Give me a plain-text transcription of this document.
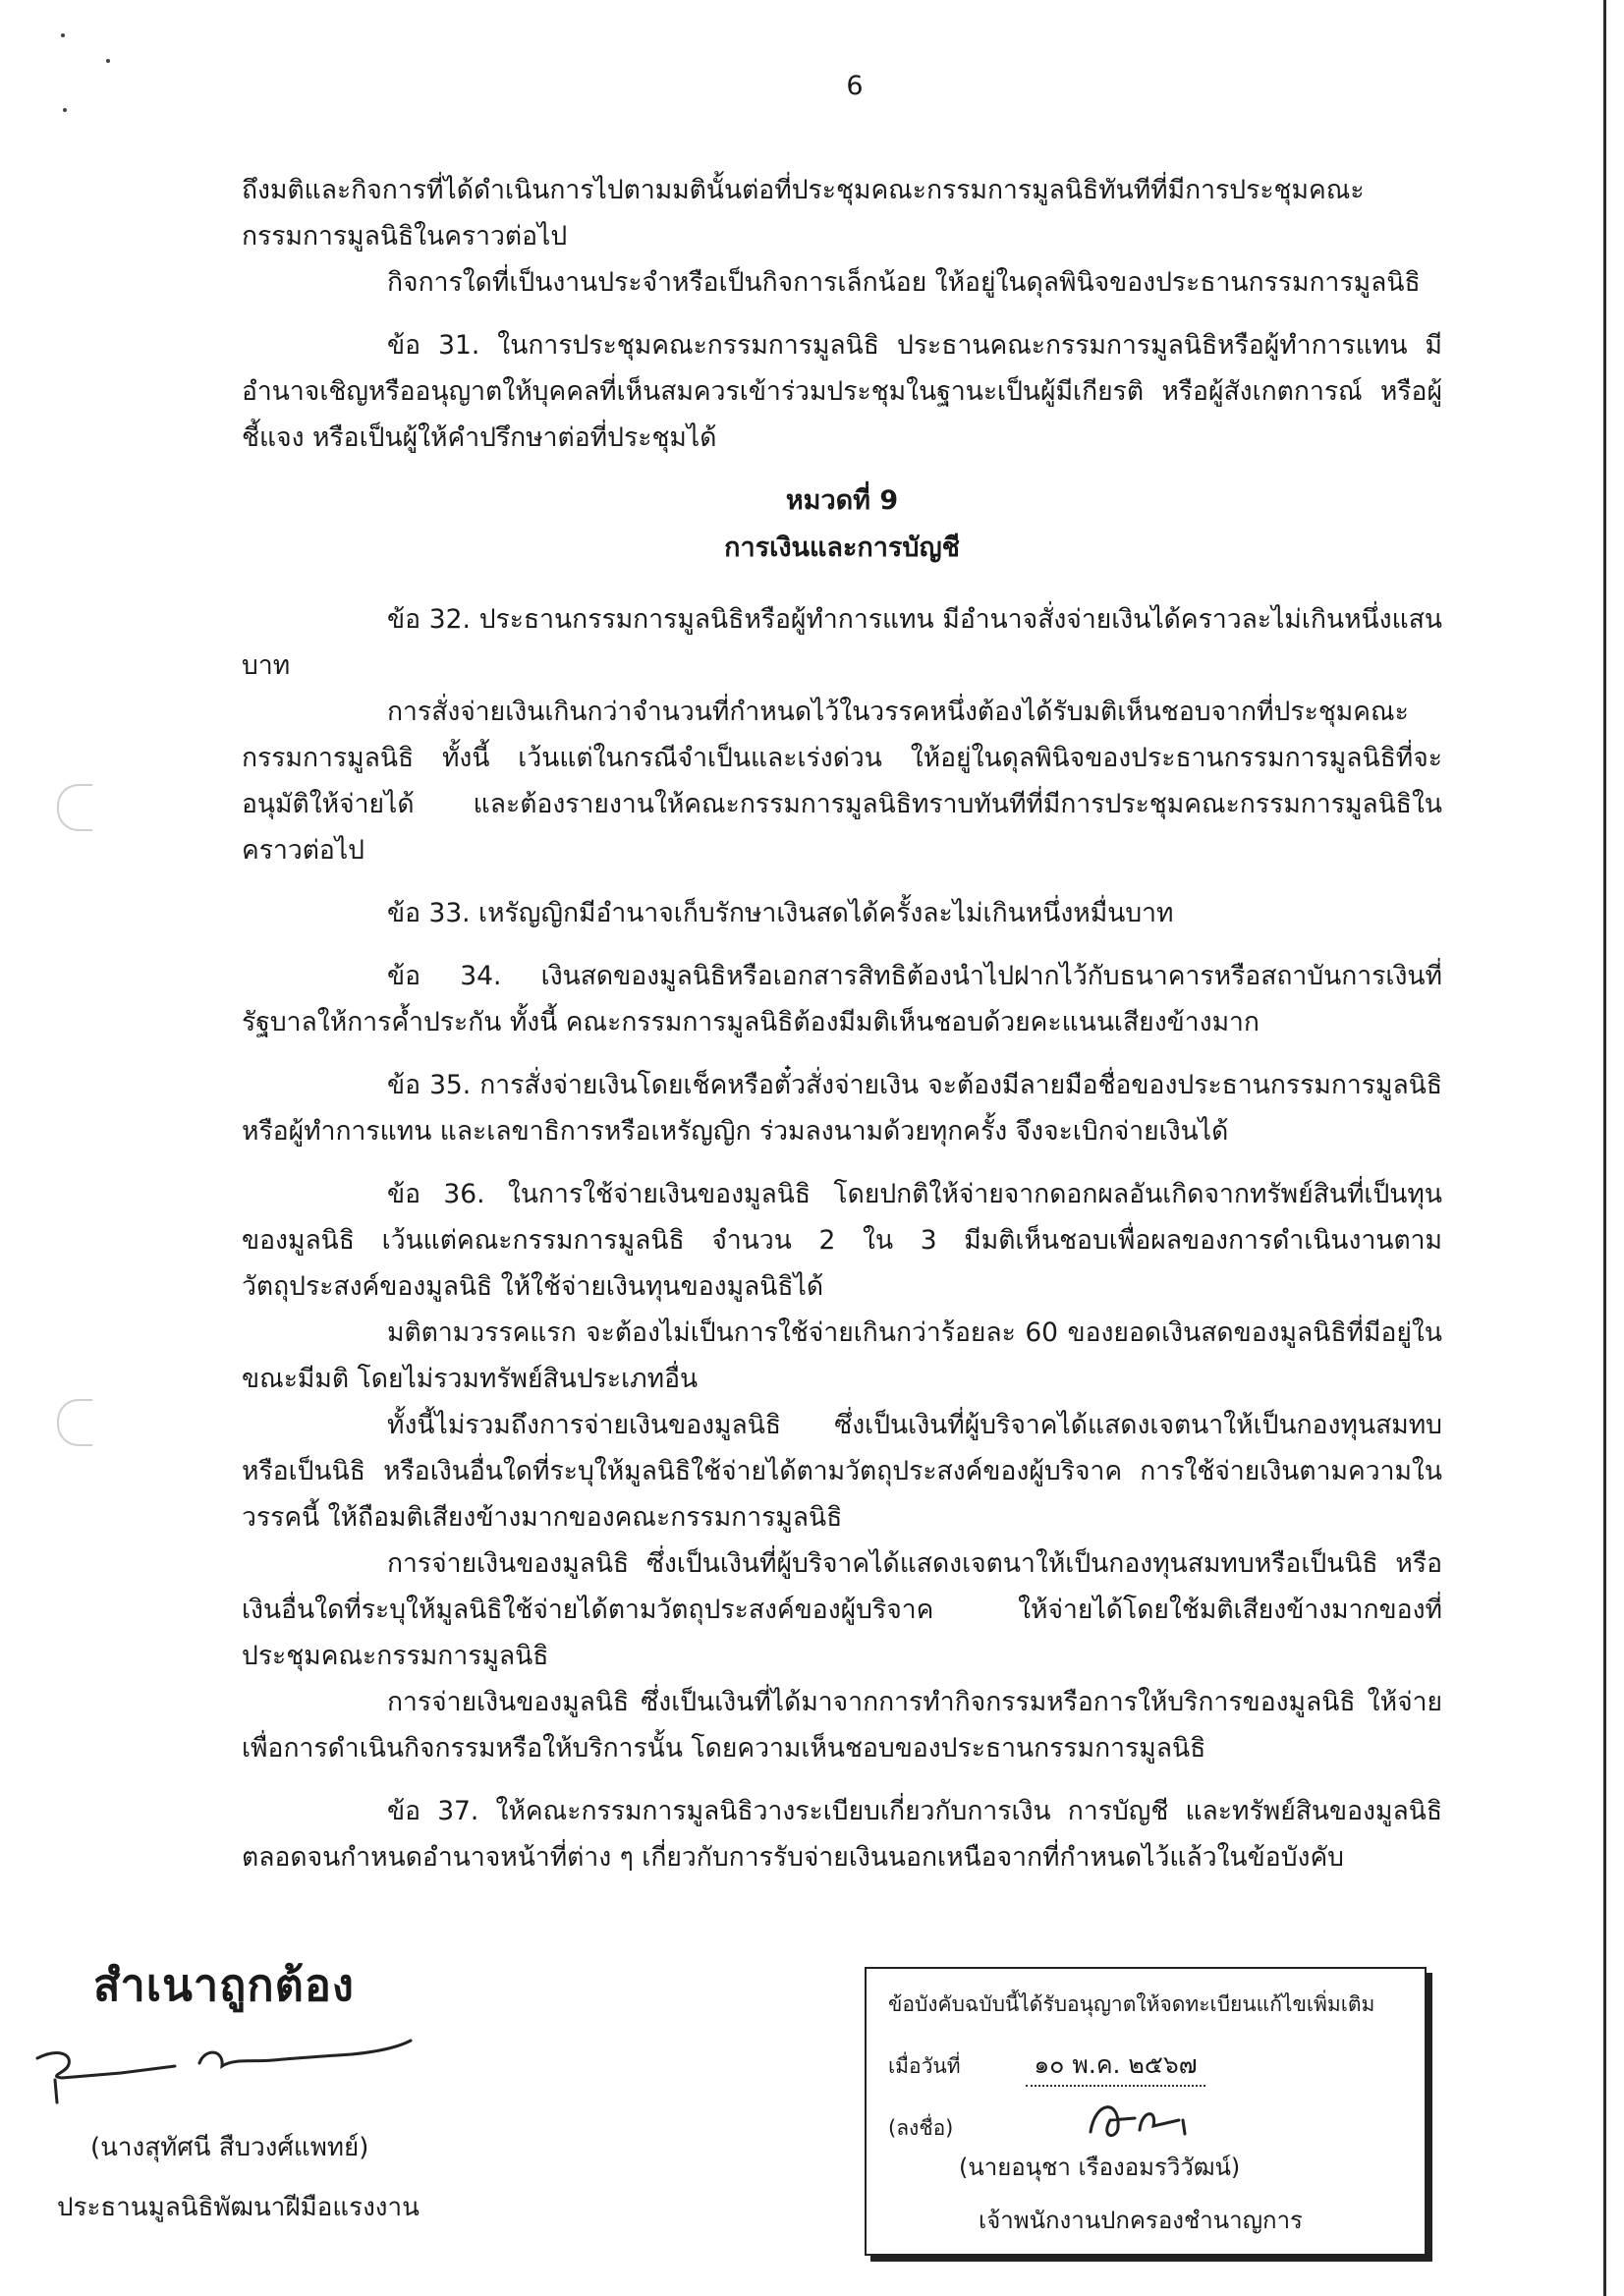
6

ถึงมติและกิจการที่ได้ดำเนินการไปตามมตินั้นต่อที่ประชุมคณะกรรมการมูลนิธิทันทีที่มีการประชุมคณะกรรมการมูลนิธิในคราวต่อไป

กิจการใดที่เป็นงานประจำหรือเป็นกิจการเล็กน้อย ให้อยู่ในดุลพินิจของประธานกรรมการมูลนิธิ

ข้อ 31. ในการประชุมคณะกรรมการมูลนิธิ ประธานคณะกรรมการมูลนิธิหรือผู้ทำการแทน มีอำนาจเชิญหรืออนุญาตให้บุคคลที่เห็นสมควรเข้าร่วมประชุมในฐานะเป็นผู้มีเกียรติ หรือผู้สังเกตการณ์ หรือผู้ชี้แจง หรือเป็นผู้ให้คำปรึกษาต่อที่ประชุมได้

หมวดที่ 9

การเงินและการบัญชี

ข้อ 32. ประธานกรรมการมูลนิธิหรือผู้ทำการแทน มีอำนาจสั่งจ่ายเงินได้คราวละไม่เกินหนึ่งแสนบาท

การสั่งจ่ายเงินเกินกว่าจำนวนที่กำหนดไว้ในวรรคหนึ่งต้องได้รับมติเห็นชอบจากที่ประชุมคณะกรรมการมูลนิธิ ทั้งนี้ เว้นแต่ในกรณีจำเป็นและเร่งด่วน ให้อยู่ในดุลพินิจของประธานกรรมการมูลนิธิที่จะอนุมัติให้จ่ายได้ และต้องรายงานให้คณะกรรมการมูลนิธิทราบทันทีที่มีการประชุมคณะกรรมการมูลนิธิในคราวต่อไป

ข้อ 33. เหรัญญิกมีอำนาจเก็บรักษาเงินสดได้ครั้งละไม่เกินหนึ่งหมื่นบาท

ข้อ 34. เงินสดของมูลนิธิหรือเอกสารสิทธิต้องนำไปฝากไว้กับธนาคารหรือสถาบันการเงินที่รัฐบาลให้การค้ำประกัน ทั้งนี้ คณะกรรมการมูลนิธิต้องมีมติเห็นชอบด้วยคะแนนเสียงข้างมาก

ข้อ 35. การสั่งจ่ายเงินโดยเช็คหรือตั๋วสั่งจ่ายเงิน จะต้องมีลายมือชื่อของประธานกรรมการมูลนิธิหรือผู้ทำการแทน และเลขาธิการหรือเหรัญญิก ร่วมลงนามด้วยทุกครั้ง จึงจะเบิกจ่ายเงินได้

ข้อ 36. ในการใช้จ่ายเงินของมูลนิธิ โดยปกติให้จ่ายจากดอกผลอันเกิดจากทรัพย์สินที่เป็นทุนของมูลนิธิ เว้นแต่คณะกรรมการมูลนิธิ จำนวน 2 ใน 3 มีมติเห็นชอบเพื่อผลของการดำเนินงานตามวัตถุประสงค์ของมูลนิธิ ให้ใช้จ่ายเงินทุนของมูลนิธิได้

มติตามวรรคแรก จะต้องไม่เป็นการใช้จ่ายเกินกว่าร้อยละ 60 ของยอดเงินสดของมูลนิธิที่มีอยู่ในขณะมีมติ โดยไม่รวมทรัพย์สินประเภทอื่น

ทั้งนี้ไม่รวมถึงการจ่ายเงินของมูลนิธิ ซึ่งเป็นเงินที่ผู้บริจาคได้แสดงเจตนาให้เป็นกองทุนสมทบหรือเป็นนิธิ หรือเงินอื่นใดที่ระบุให้มูลนิธิใช้จ่ายได้ตามวัตถุประสงค์ของผู้บริจาค การใช้จ่ายเงินตามความในวรรคนี้ ให้ถือมติเสียงข้างมากของคณะกรรมการมูลนิธิ

การจ่ายเงินของมูลนิธิ ซึ่งเป็นเงินที่ผู้บริจาคได้แสดงเจตนาให้เป็นกองทุนสมทบหรือเป็นนิธิ หรือเงินอื่นใดที่ระบุให้มูลนิธิใช้จ่ายได้ตามวัตถุประสงค์ของผู้บริจาค ให้จ่ายได้โดยใช้มติเสียงข้างมากของที่ประชุมคณะกรรมการมูลนิธิ

การจ่ายเงินของมูลนิธิ ซึ่งเป็นเงินที่ได้มาจากการทำกิจกรรมหรือการให้บริการของมูลนิธิ ให้จ่ายเพื่อการดำเนินกิจกรรมหรือให้บริการนั้น โดยความเห็นชอบของประธานกรรมการมูลนิธิ

ข้อ 37. ให้คณะกรรมการมูลนิธิวางระเบียบเกี่ยวกับการเงิน การบัญชี และทรัพย์สินของมูลนิธิตลอดจนกำหนดอำนาจหน้าที่ต่าง ๆ เกี่ยวกับการรับจ่ายเงินนอกเหนือจากที่กำหนดไว้แล้วในข้อบังคับ

สำเนาถูกต้อง
(นางสุทัศนี สืบวงศ์แพทย์)
ประธานมูลนิธิพัฒนาฝีมือแรงงาน
ข้อบังคับฉบับนี้ได้รับอนุญาตให้จดทะเบียนแก้ไขเพิ่มเติม
เมื่อวันที่	๑๐ พ.ค. ๒๕๖๗
(ลงชื่อ)
(นายอนุชา เรืองอมรวิวัฒน์)
เจ้าพนักงานปกครองชำนาญการ
